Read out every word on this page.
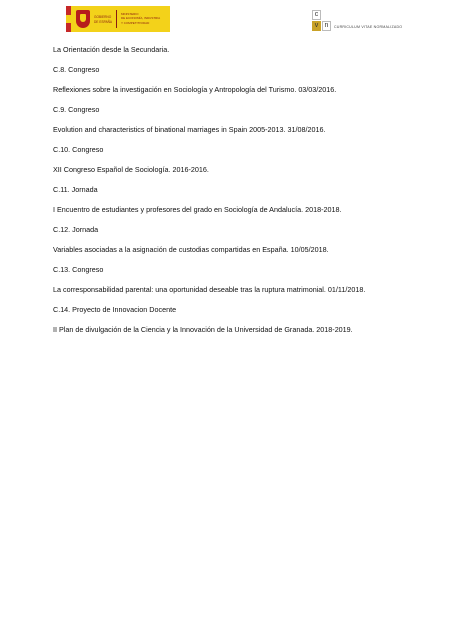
GOBIERNO
DE ESPAÑA
MINISTERIO
DE ECONOMÍA, INDUSTRIA
Y COMPETITIVIDAD
c
v n	CURRICULUM VITAE NORMALIZADO

La Orientación desde la Secundaria.

C.8. Congreso

Reflexiones sobre la investigación en Sociología y Antropología del Turismo. 03/03/2016.

C.9. Congreso

Evolution and characteristics of binational marriages in Spain 2005-2013. 31/08/2016.

C.10. Congreso

XII Congreso Español de Sociología. 2016-2016.

C.11. Jornada

I Encuentro de estudiantes y profesores del grado en Sociología de Andalucía. 2018-2018.

C.12. Jornada

Variables asociadas a la asignación de custodias compartidas en España. 10/05/2018.

C.13. Congreso

La corresponsabilidad parental: una oportunidad deseable tras la ruptura matrimonial. 01/11/2018.

C.14. Proyecto de Innovacion Docente

II Plan de divulgación de la Ciencia y la Innovación de la Universidad de Granada. 2018-2019.
